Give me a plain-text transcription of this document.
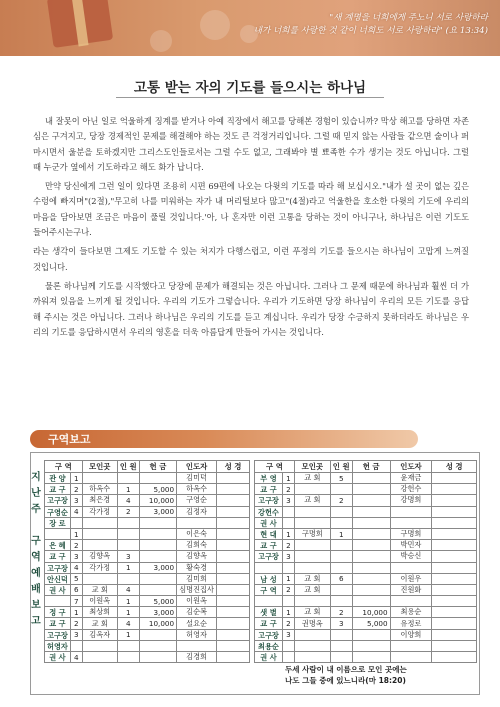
"새 계명을 너희에게 주노니 서로 사랑하라
내가 너희를 사랑한 것 같이 너희도 서로 사랑하라" (요 13:34)
고통 받는 자의 기도를 들으시는 하나님

내 잘못이 아닌 일로 억울하게 징계를 받거나 아예 직장에서 해고를 당해본 경험이 있습니까? 막상 해고를 당하면 자존심은 구겨지고, 당장 경제적인 문제를 해결해야 하는 것도 큰 걱정거리입니다. 그럴 때 믿지 않는 사람들 같으면 술이나 퍼 마시면서 울분을 토하겠지만 그리스도인들로서는 그럴 수도 없고, 그래봐야 별 뾰족한 수가 생기는 것도 아닙니다. 그럴 때 누군가 옆에서 기도하라고 해도 화가 납니다.

만약 당신에게 그런 일이 있다면 조용히 시편 69편에 나오는 다윗의 기도를 따라 해 보십시오."내가 설 곳이 없는 깊은 수렁에 빠지며"(2절),"무고히 나를 미워하는 자가 내 머리털보다 많고"(4절)라고 억울한을 호소한 다윗의 기도에 우리의 마음을 담아보면 조금은 마음이 풀릴 것입니다.'아, 나 혼자만 이런 고통을 당하는 것이 아니구나, 하나님은 이런 기도도 들어주시는구나.

라는 생각이 들다보면 그제도 기도할 수 있는 처지가 다행스럽고, 이런 푸정의 기도를 들으시는 하나님이 고맙게 느껴질 것입니다.

물론 하나님께 기도를 시작했다고 당장에 문제가 해결되는 것은 아닙니다. 그러나 그 문제 때문에 하나님과 훨씬 더 가까워져 있음을 느끼게 될 것입니다. 우리의 기도가 그렇습니다. 우리가 기도하면 당장 하나님이 우리의 모든 기도를 응답해 주시는 것은 아닙니다. 그러나 하나님은 우리의 기도를 듣고 계십니다. 우리가 당장 수긍하지 못하더라도 하나님은 우리의 기도를 응답하시면서 우리의 영혼을 더욱 아름답게 만들어 가시는 것입니다.

구역보고
지
난
주
구
역
예
배
보
고
구 역		모인곳	인 원	헌 금	인도자	성 경
관 양	1				김미덕	
교 구	2	하옥수	1	5,000	하옥수	
고구장	3	최은경	4	10,000	구영순	
구영순	4	각가정	2	3,000	김정자	
장 로						
	1				이은숙	
은 혜	2				김희숙	
교 구	3	김향옥	3		김향옥	
고구장	4	각가정	1	3,000	황숙경	
안신덕	5				김미희	
권 사	6	교 회	4		심명진집사	
	7	이원옥	1	5,000	이원옥	
정 구	1	최상희	1	3,000	김순복	
교 구	2	교 회	4	10,000	설요순	
고구장	3	김옥자	1		허영자	
허영자						
권 사	4				김경희	
구 역		모인곳	인 원	헌 금	인도자	성 경
부 영	1	교 회	5		윤재금	
교 구	2				강헌수	
고구장	3	교 회	2		강명희	
강헌수						
권 사						
현 대	1	구명희	1		구명희	
교 구	2				박민자	
고구장	3				박승신	

남 성	1	교 회	6		이원우	
구 역	2	교 회			진원화	

샛 별	1	교 회	2	10,000	최용순	
교 구	2	권명옥	3	5,000	유정로	
고구장	3				이양희	
최용순						
권 사						
두세 사람이 내 이름으로 모인 곳에는
나도 그들 중에 있느니라(마 18:20)
